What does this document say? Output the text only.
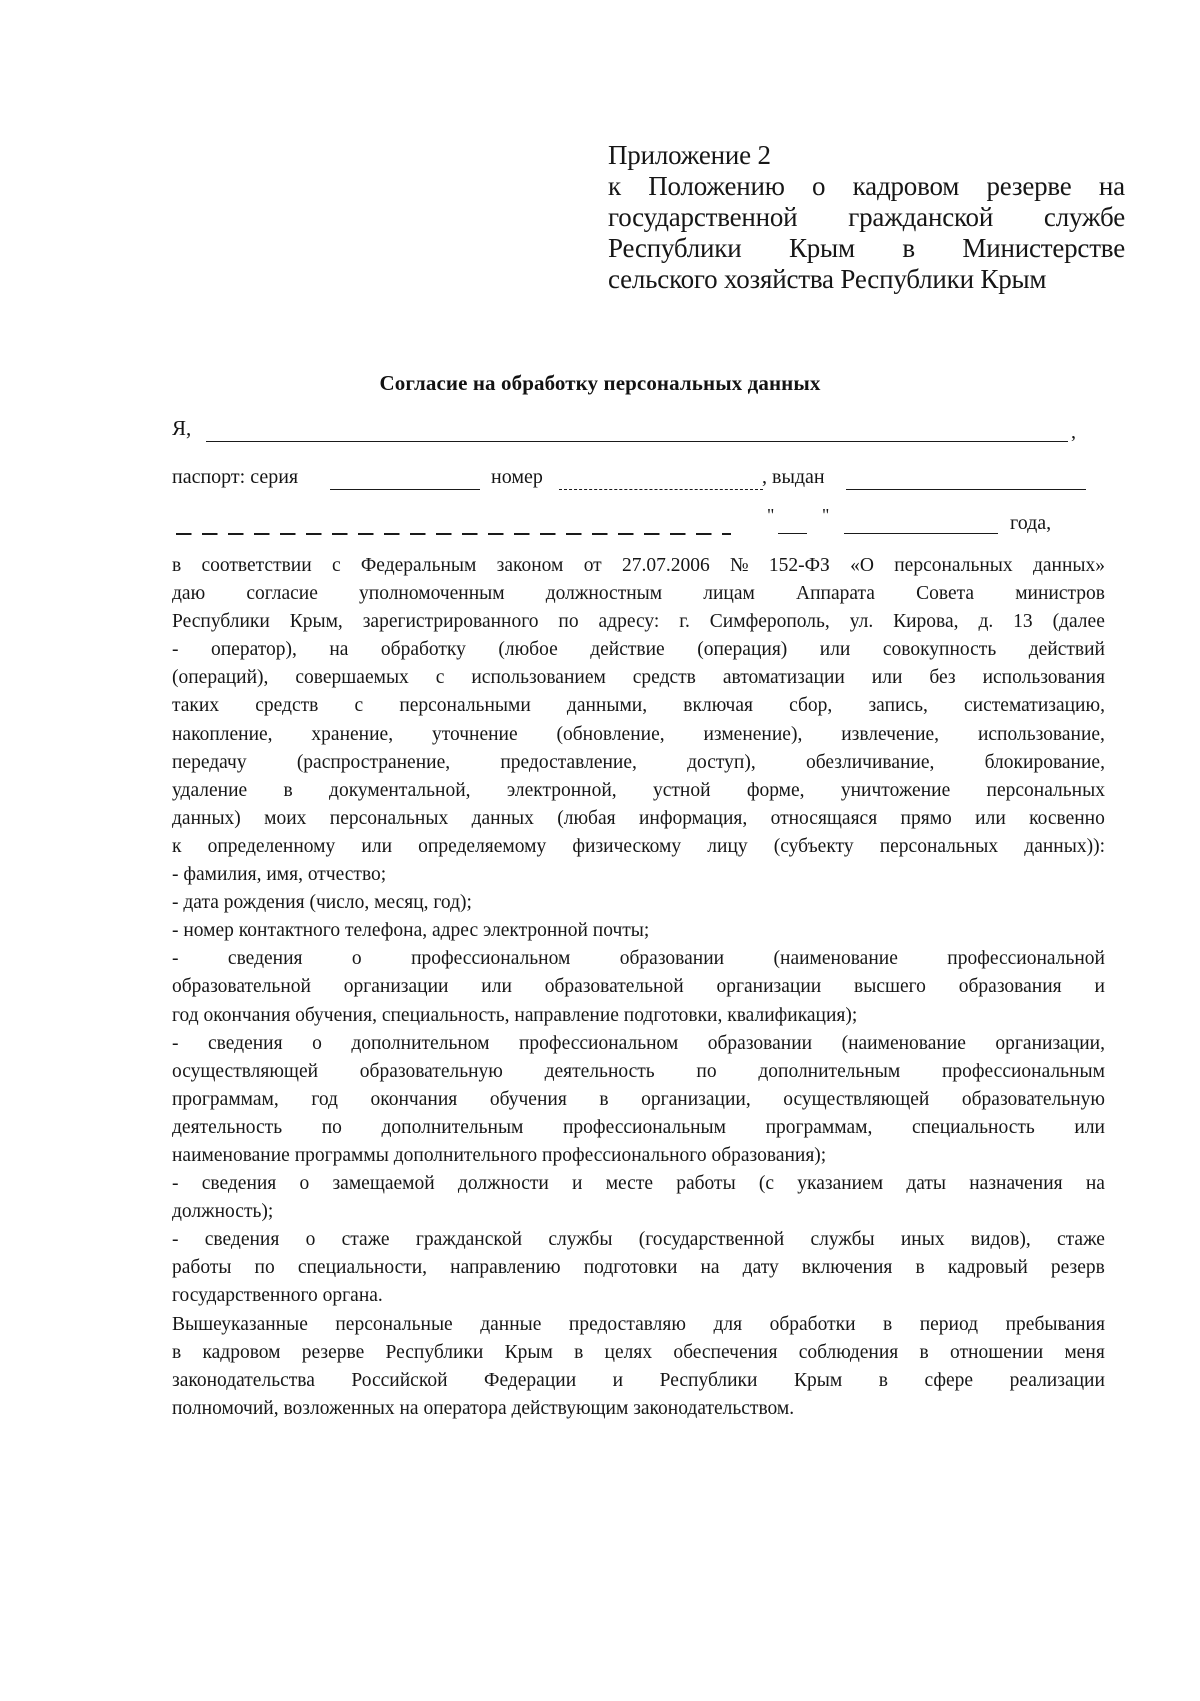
Приложение 2
к Положению о кадровом резерве на
государственной гражданской службе
Республики Крым в Министерстве
сельского хозяйства Республики Крым
Согласие на обработку персональных данных
Я,	,
паспорт: серия	номер	, выдан
"	"	года,
в соответствии с Федеральным законом от 27.07.2006 № 152-ФЗ «О персональных данных»
даю согласие уполномоченным должностным лицам Аппарата Совета министров
Республики Крым, зарегистрированного по адресу: г. Симферополь, ул. Кирова, д. 13 (далее
- оператор), на обработку (любое действие (операция) или совокупность действий
(операций), совершаемых с использованием средств автоматизации или без использования
таких средств с персональными данными, включая сбор, запись, систематизацию,
накопление, хранение, уточнение (обновление, изменение), извлечение, использование,
передачу	(распространение,	предоставление,	доступ),	обезличивание,	блокирование,
удаление в документальной, электронной, устной форме, уничтожение персональных
данных) моих персональных данных (любая информация, относящаяся прямо или косвенно
к определенному или определяемому физическому лицу (субъекту персональных данных)):
- фамилия, имя, отчество;
- дата рождения (число, месяц, год);
- номер контактного телефона, адрес электронной почты;
-	сведения	о	профессиональном	образовании	(наименование	профессиональной
образовательной организации или образовательной организации высшего образования и
год окончания обучения, специальность, направление подготовки, квалификация);
- сведения о дополнительном профессиональном образовании (наименование организации,
осуществляющей образовательную деятельность по дополнительным профессиональным
программам, год окончания обучения в организации, осуществляющей образовательную
деятельность по дополнительным профессиональным программам, специальность или
наименование программы дополнительного профессионального образования);
- сведения о замещаемой должности и месте работы (с указанием даты назначения на
должность);
- сведения о стаже гражданской службы (государственной службы иных видов), стаже
работы по специальности, направлению подготовки на дату включения в кадровый резерв
государственного органа.
Вышеуказанные персональные данные предоставляю для обработки в период пребывания
в кадровом резерве Республики Крым в целях обеспечения соблюдения в отношении меня
законодательства Российской Федерации и Республики Крым в сфере реализации
полномочий, возложенных на оператора действующим законодательством.
